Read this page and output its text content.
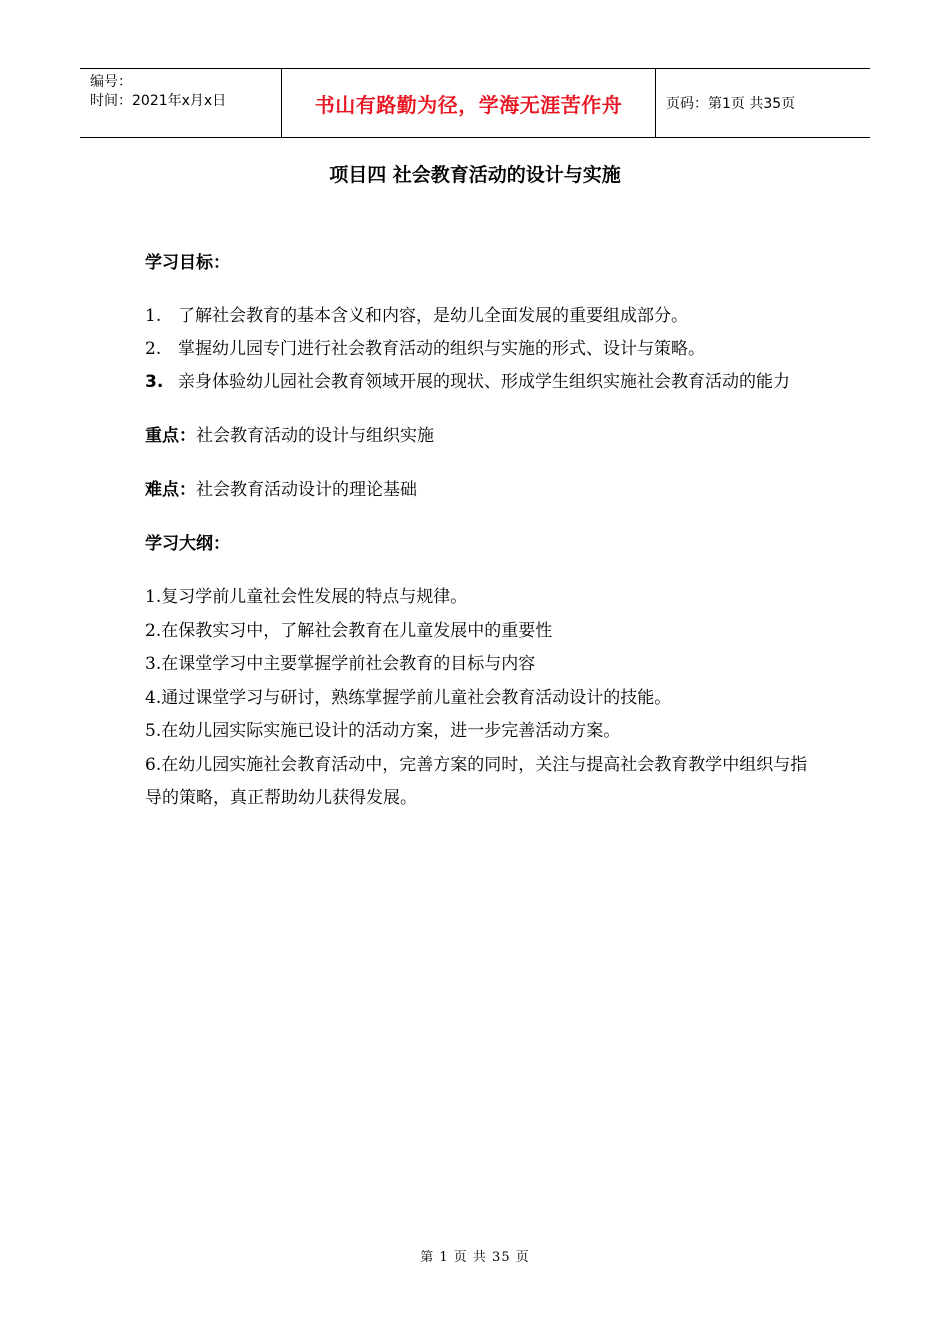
编号：
时间：2021年x月x日	书山有路勤为径，学海无涯苦作舟	页码：第1页 共35页
项目四 社会教育活动的设计与实施
学习目标：
1. 了解社会教育的基本含义和内容，是幼儿全面发展的重要组成部分。
2. 掌握幼儿园专门进行社会教育活动的组织与实施的形式、设计与策略。
3. 亲身体验幼儿园社会教育领域开展的现状、形成学生组织实施社会教育活动的能力
重点：社会教育活动的设计与组织实施
难点：社会教育活动设计的理论基础
学习大纲：
1.复习学前儿童社会性发展的特点与规律。
2.在保教实习中，了解社会教育在儿童发展中的重要性
3.在课堂学习中主要掌握学前社会教育的目标与内容
4.通过课堂学习与研讨，熟练掌握学前儿童社会教育活动设计的技能。
5.在幼儿园实际实施已设计的活动方案，进一步完善活动方案。
6.在幼儿园实施社会教育活动中，完善方案的同时，关注与提高社会教育教学中组织与指导的策略，真正帮助幼儿获得发展。
第 1 页 共 35 页
